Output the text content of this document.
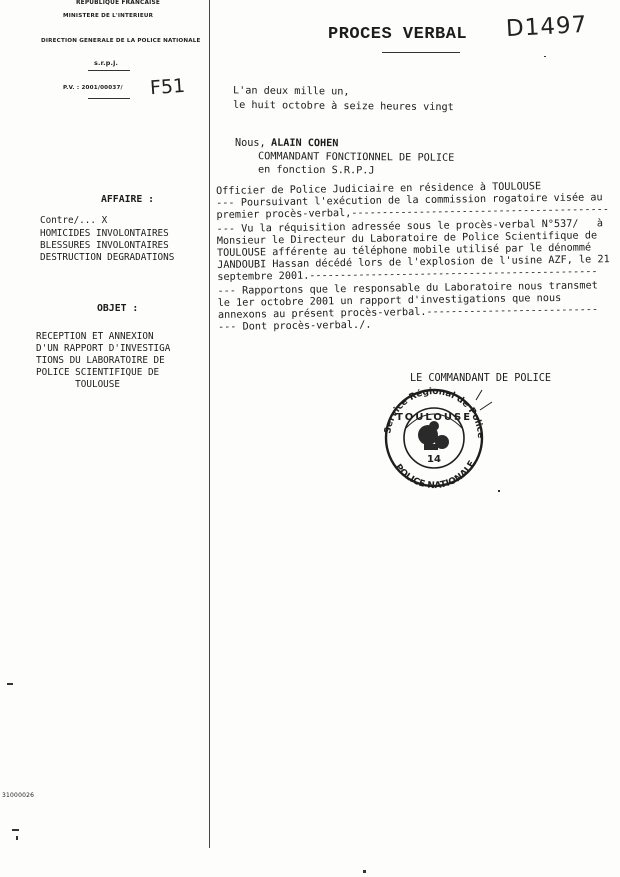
REPUBLIQUE FRANCAISE
MINISTERE DE L'INTERIEUR
DIRECTION GENERALE DE LA POLICE NATIONALE
s.r.p.j.
P.V. : 2001/00037/ F51
PROCES VERBAL D1497
L'an deux mille un,
le huit octobre à seize heures vingt
Nous, ALAIN COHEN
COMMANDANT FONCTIONNEL DE POLICE
en fonction S.R.P.J
AFFAIRE :
Contre/... X
HOMICIDES INVOLONTAIRES
BLESSURES INVOLONTAIRES
DESTRUCTION DEGRADATIONS
OBJET :
RECEPTION ET ANNEXION
D'UN RAPPORT D'INVESTIGA
TIONS DU LABORATOIRE DE
POLICE SCIENTIFIQUE DE
TOULOUSE
Officier de Police Judiciaire en résidence à TOULOUSE
--- Poursuivant l'exécution de la commission rogatoire visée au
premier procès-verbal,------------------------------------------
--- Vu la réquisition adressée sous le procès-verbal N°537/   à
Monsieur le Directeur du Laboratoire de Police Scientifique de
TOULOUSE afférente au téléphone mobile utilisé par le dénommé
JANDOUBI Hassan décédé lors de l'explosion de l'usine AZF, le 21
septembre 2001.-----------------------------------------------
--- Rapportons que le responsable du Laboratoire nous transmet
le 1er octobre 2001 un rapport d'investigations que nous
annexons au présent procès-verbal.----------------------------
--- Dont procès-verbal./.
LE COMMANDANT DE POLICE
Service Régional de Police
TOULOUSE
14
POLICE NATIONALE
31000026
